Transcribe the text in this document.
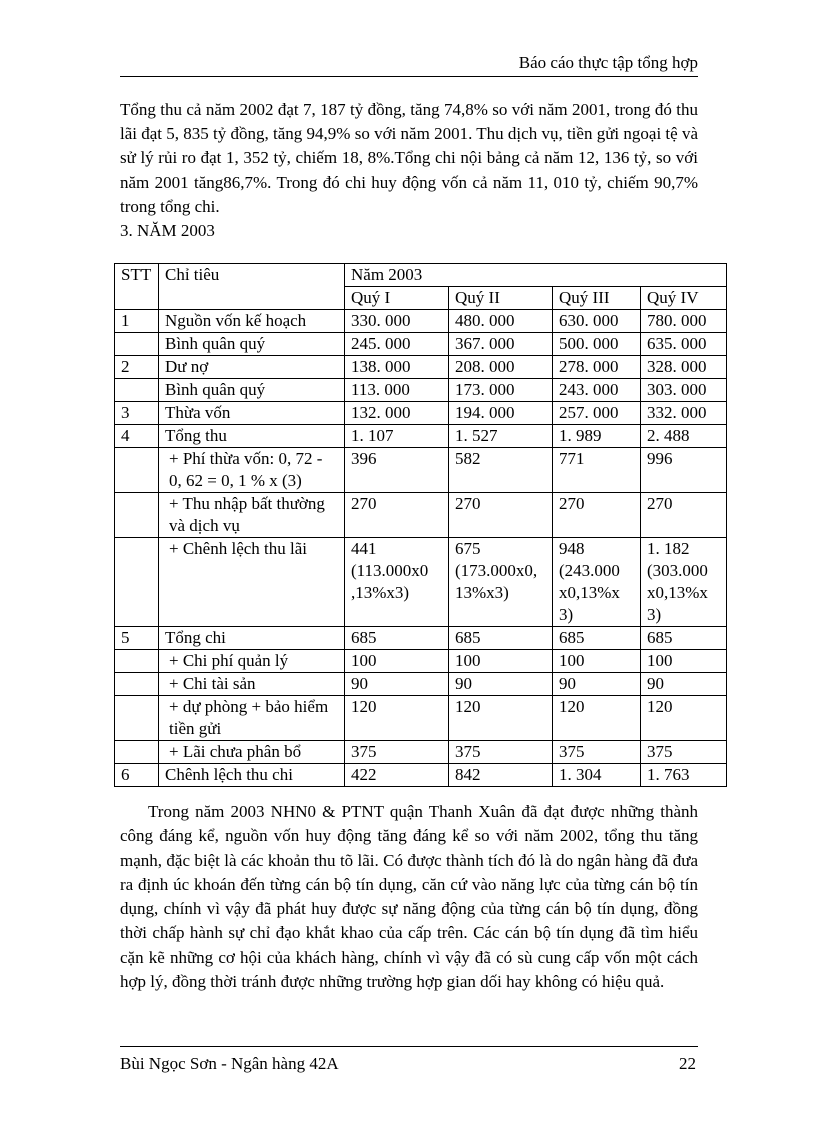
Báo cáo thực tập tổng hợp

Tổng thu cả năm 2002 đạt 7, 187 tỷ đồng, tăng 74,8% so với năm 2001, trong đó thu lãi đạt 5, 835 tỷ đồng, tăng 94,9% so với năm 2001. Thu dịch vụ, tiền gửi ngoại tệ và sử lý rủi ro đạt 1, 352 tỷ, chiếm 18, 8%.Tổng chi nội bảng cả năm 12, 136 tỷ, so với năm 2001 tăng86,7%. Trong đó chi huy động vốn cả năm 11, 010 tỷ, chiếm 90,7% trong tổng chi.

3. NĂM 2003
STT	Chỉ tiêu	Năm 2003			
		Quý I	Quý II	Quý III	Quý IV
1	Nguồn vốn kế hoạch	330. 000	480. 000	630. 000	780. 000
	Bình quân quý	245. 000	367. 000	500. 000	635. 000
2	Dư nợ	138. 000	208. 000	278. 000	328. 000
	Bình quân quý	113. 000	173. 000	243. 000	303. 000
3	Thừa vốn	132. 000	194. 000	257. 000	332. 000
4	Tổng thu	1. 107	1. 527	1. 989	2. 488
	+ Phí thừa vốn: 0, 72 - 0, 62 = 0, 1 % x (3)	396	582	771	996
	+ Thu nhập bất thường và dịch vụ	270	270	270	270
	+ Chênh lệch thu lãi	441 (113.000x0 ,13%x3)	675 (173.000x0, 13%x3)	948 (243.000 x0,13%x 3)	1. 182 (303.000 x0,13%x 3)
5	Tổng chi	685	685	685	685
	+ Chi phí quản lý	100	100	100	100
	+ Chi tài sản	90	90	90	90
	+ dự phòng + bảo hiểm tiền gửi	120	120	120	120
	+ Lãi chưa phân bổ	375	375	375	375
6	Chênh lệch thu chi	422	842	1. 304	1. 763

Trong năm 2003 NHN0 & PTNT quận Thanh Xuân đã đạt được những thành công đáng kể, nguồn vốn huy động tăng đáng kể so với năm 2002, tổng thu tăng mạnh, đặc biệt là các khoản thu tõ lãi. Có được thành tích đó là do ngân hàng đã đưa ra định úc khoán đến từng cán bộ tín dụng, căn cứ vào năng lực của từng cán bộ tín dụng, chính vì vậy đã phát huy được sự năng động của từng cán bộ tín dụng, đồng thời chấp hành sự chỉ đạo khắt khao của cấp trên. Các cán bộ tín dụng đã tìm hiểu cặn kẽ những cơ hội của khách hàng, chính vì vậy đã có sù cung cấp vốn một cách hợp lý, đồng thời tránh được những trường hợp gian dối hay không có hiệu quả.

Bùi Ngọc Sơn - Ngân hàng 42A	22
